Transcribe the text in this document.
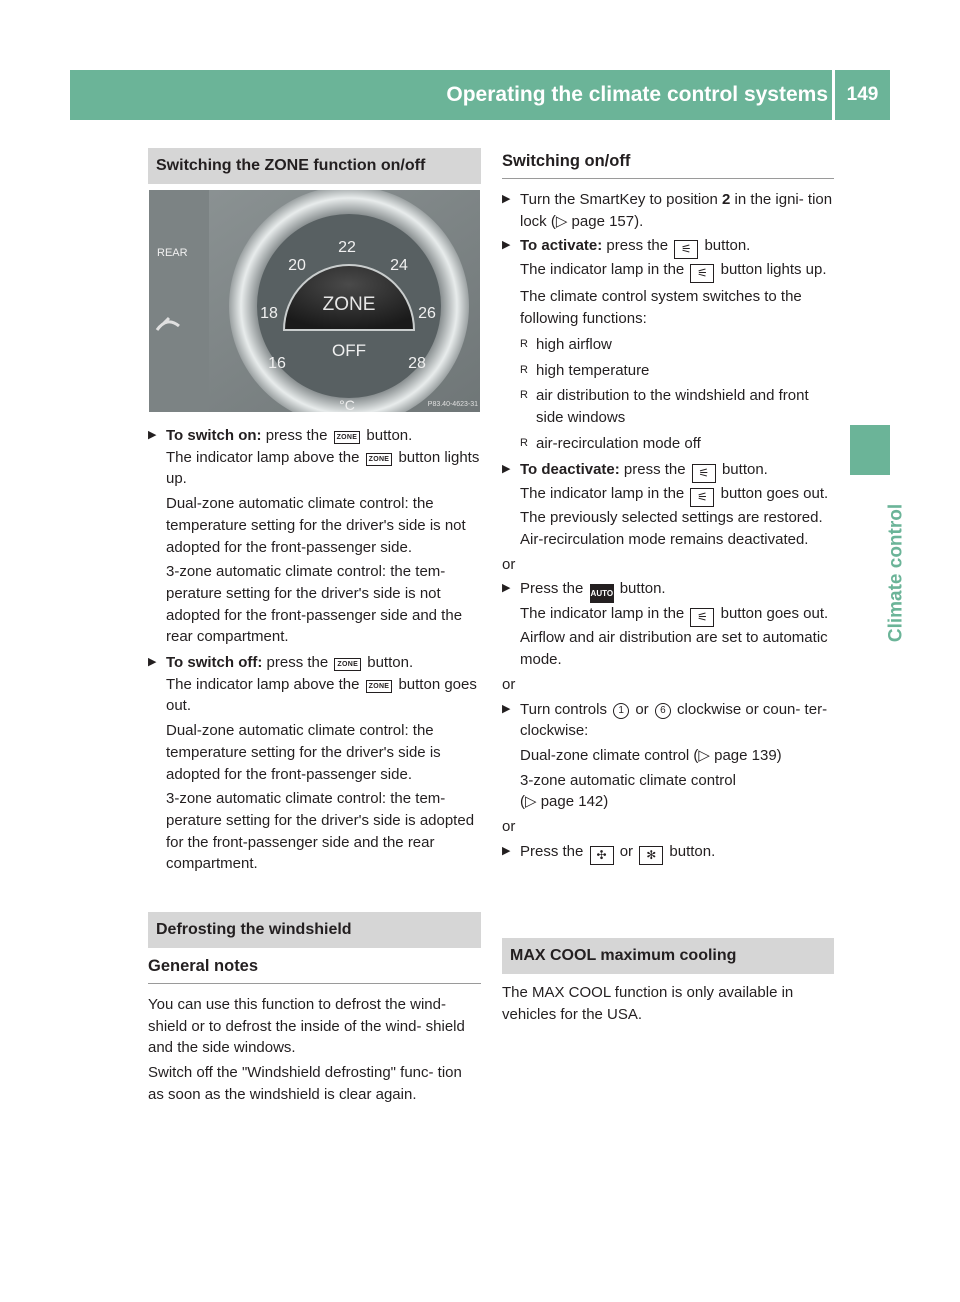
Operating the climate control systems 149
Climate control
Switching the ZONE function on/off
ZONE
OFF
22
20	24
18	26
16	28
°C
REAR
P83.40-4623-31

▶ To switch on: press the ZONE button.

The indicator lamp above the ZONE button lights up.

Dual-zone automatic climate control: the temperature setting for the driver's side is not adopted for the front-passenger side.

3-zone automatic climate control: the tem- perature setting for the driver's side is not adopted for the front-passenger side and the rear compartment.

▶ To switch off: press the ZONE button.

The indicator lamp above the ZONE button goes out.

Dual-zone automatic climate control: the temperature setting for the driver's side is adopted for the front-passenger side.

3-zone automatic climate control: the tem- perature setting for the driver's side is adopted for the front-passenger side and the rear compartment.

Defrosting the windshield
General notes

You can use this function to defrost the wind- shield or to defrost the inside of the wind- shield and the side windows.

Switch off the "Windshield defrosting" func- tion as soon as the windshield is clear again.

Switching on/off

▶ Turn the SmartKey to position 2 in the igni- tion lock (▷ page 157).

▶ To activate: press the ⚟ button.

The indicator lamp in the ⚟ button lights up.

The climate control system switches to the following functions:

R high airflow

R high temperature

R air distribution to the windshield and front side windows

R air-recirculation mode off

▶ To deactivate: press the ⚟ button.

The indicator lamp in the ⚟ button goes out. The previously selected settings are restored. Air-recirculation mode remains deactivated.

or

▶ Press the AUTO button.

The indicator lamp in the ⚟ button goes out. Airflow and air distribution are set to automatic mode.

or

▶ Turn controls 1 or 6 clockwise or coun- ter-clockwise:

Dual-zone climate control (▷ page 139)

3-zone automatic climate control
(▷ page 142)

or

▶ Press the ✣ or ✻ button.

MAX COOL maximum cooling

The MAX COOL function is only available in vehicles for the USA.
